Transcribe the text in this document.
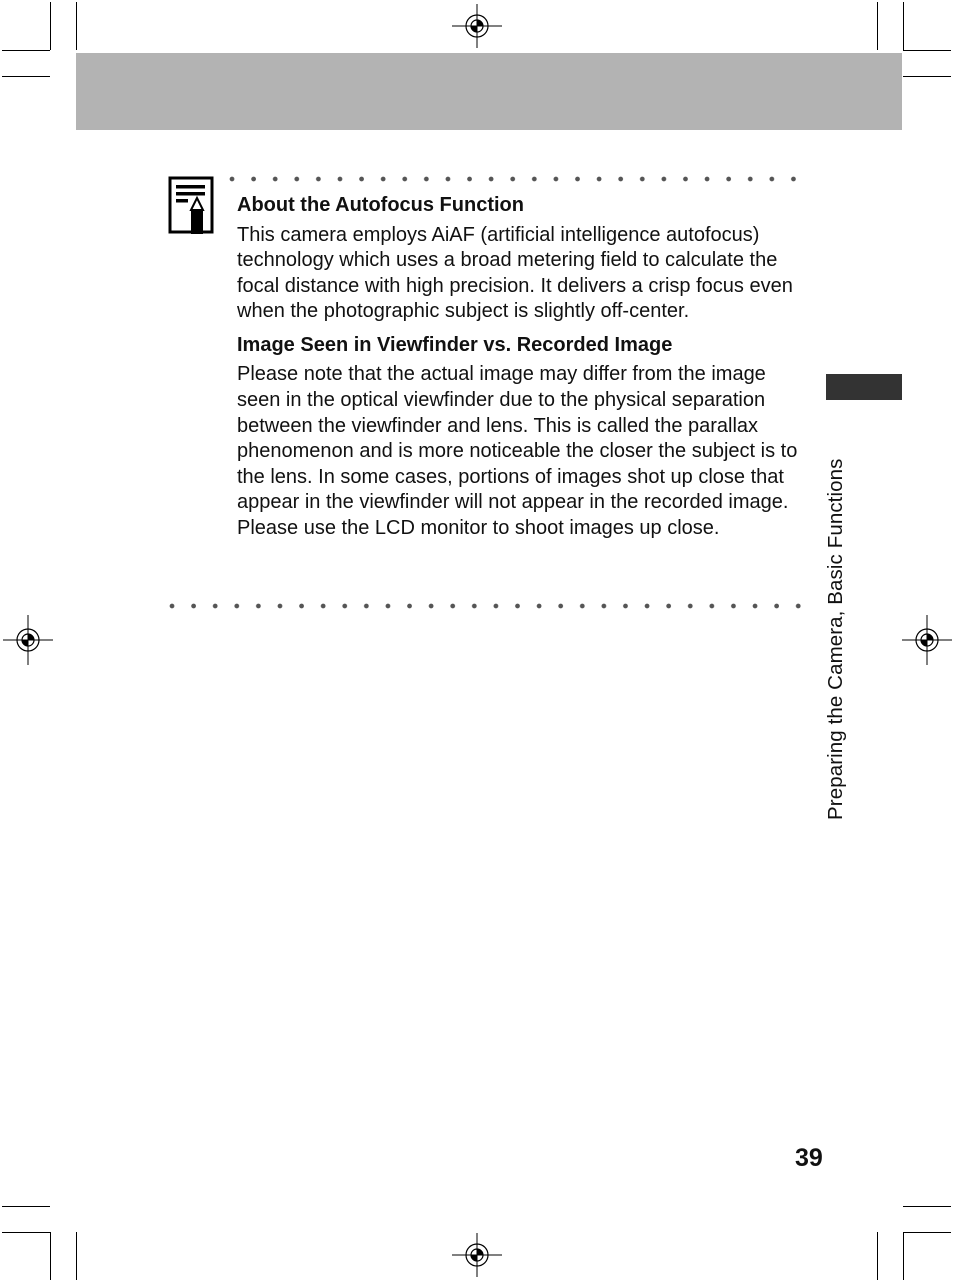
About the Autofocus Function

This camera employs AiAF (artificial intelligence autofocus) technology which uses a broad metering field to calculate the focal distance with high precision. It delivers a crisp focus even when the photographic subject is slightly off-center.

Image Seen in Viewfinder vs. Recorded Image

Please note that the actual image may differ from the image seen in the optical viewfinder due to the physical separation between the viewfinder and lens. This is called the parallax phenomenon and is more noticeable the closer the subject is to the lens. In some cases, portions of images shot up close that appear in the viewfinder will not appear in the recorded image. Please use the LCD monitor to shoot images up close.	Preparing the Camera, Basic Functions
39
